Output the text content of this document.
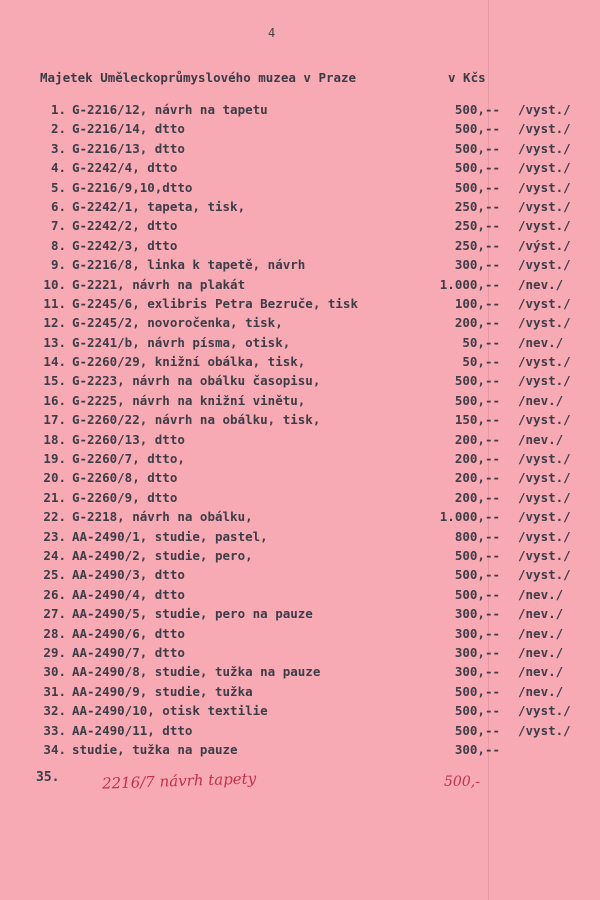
4
Majetek Uměleckoprůmyslového muzea v Praze	v Kčs
1. G-2216/12, návrh na tapetu	500,-- /vyst./
2. G-2216/14, dtto	500,-- /vyst./
3. G-2216/13, dtto	500,-- /vyst./
4. G-2242/4, dtto	500,-- /vyst./
5. G-2216/9,10,dtto	500,-- /vyst./
6. G-2242/1, tapeta, tisk,	250,-- /vyst./
7. G-2242/2, dtto	250,-- /vyst./
8. G-2242/3, dtto	250,-- /výst./
9. G-2216/8, linka k tapetě, návrh	300,-- /vyst./
10. G-2221, návrh na plakát	1.000,-- /nev./
11. G-2245/6, exlibris Petra Bezruče, tisk	100,-- /vyst./
12. G-2245/2, novoročenka, tisk,	200,-- /vyst./
13. G-2241/b, návrh písma, otisk,	50,-- /nev./
14. G-2260/29, knižní obálka, tisk,	50,-- /vyst./
15. G-2223, návrh na obálku časopisu,	500,-- /vyst./
16. G-2225, návrh na knižní vinětu,	500,-- /nev./
17. G-2260/22, návrh na obálku, tisk,	150,-- /vyst./
18. G-2260/13, dtto	200,-- /nev./
19. G-2260/7, dtto,	200,-- /vyst./
20. G-2260/8, dtto	200,-- /vyst./
21. G-2260/9, dtto	200,-- /vyst./
22. G-2218, návrh na obálku,	1.000,-- /vyst./
23. AA-2490/1, studie, pastel,	800,-- /vyst./
24. AA-2490/2, studie, pero,	500,-- /vyst./
25. AA-2490/3, dtto	500,-- /vyst./
26. AA-2490/4, dtto	500,-- /nev./
27. AA-2490/5, studie, pero na pauze	300,-- /nev./
28. AA-2490/6, dtto	300,-- /nev./
29. AA-2490/7, dtto	300,-- /nev./
30. AA-2490/8, studie, tužka na pauze	300,-- /nev./
31. AA-2490/9, studie, tužka	500,-- /nev./
32. AA-2490/10, otisk textilie	500,-- /vyst./
33. AA-2490/11, dtto	500,-- /vyst./
34. studie, tužka na pauze	300,--
35.	2216/7 návrh tapety	500,-
